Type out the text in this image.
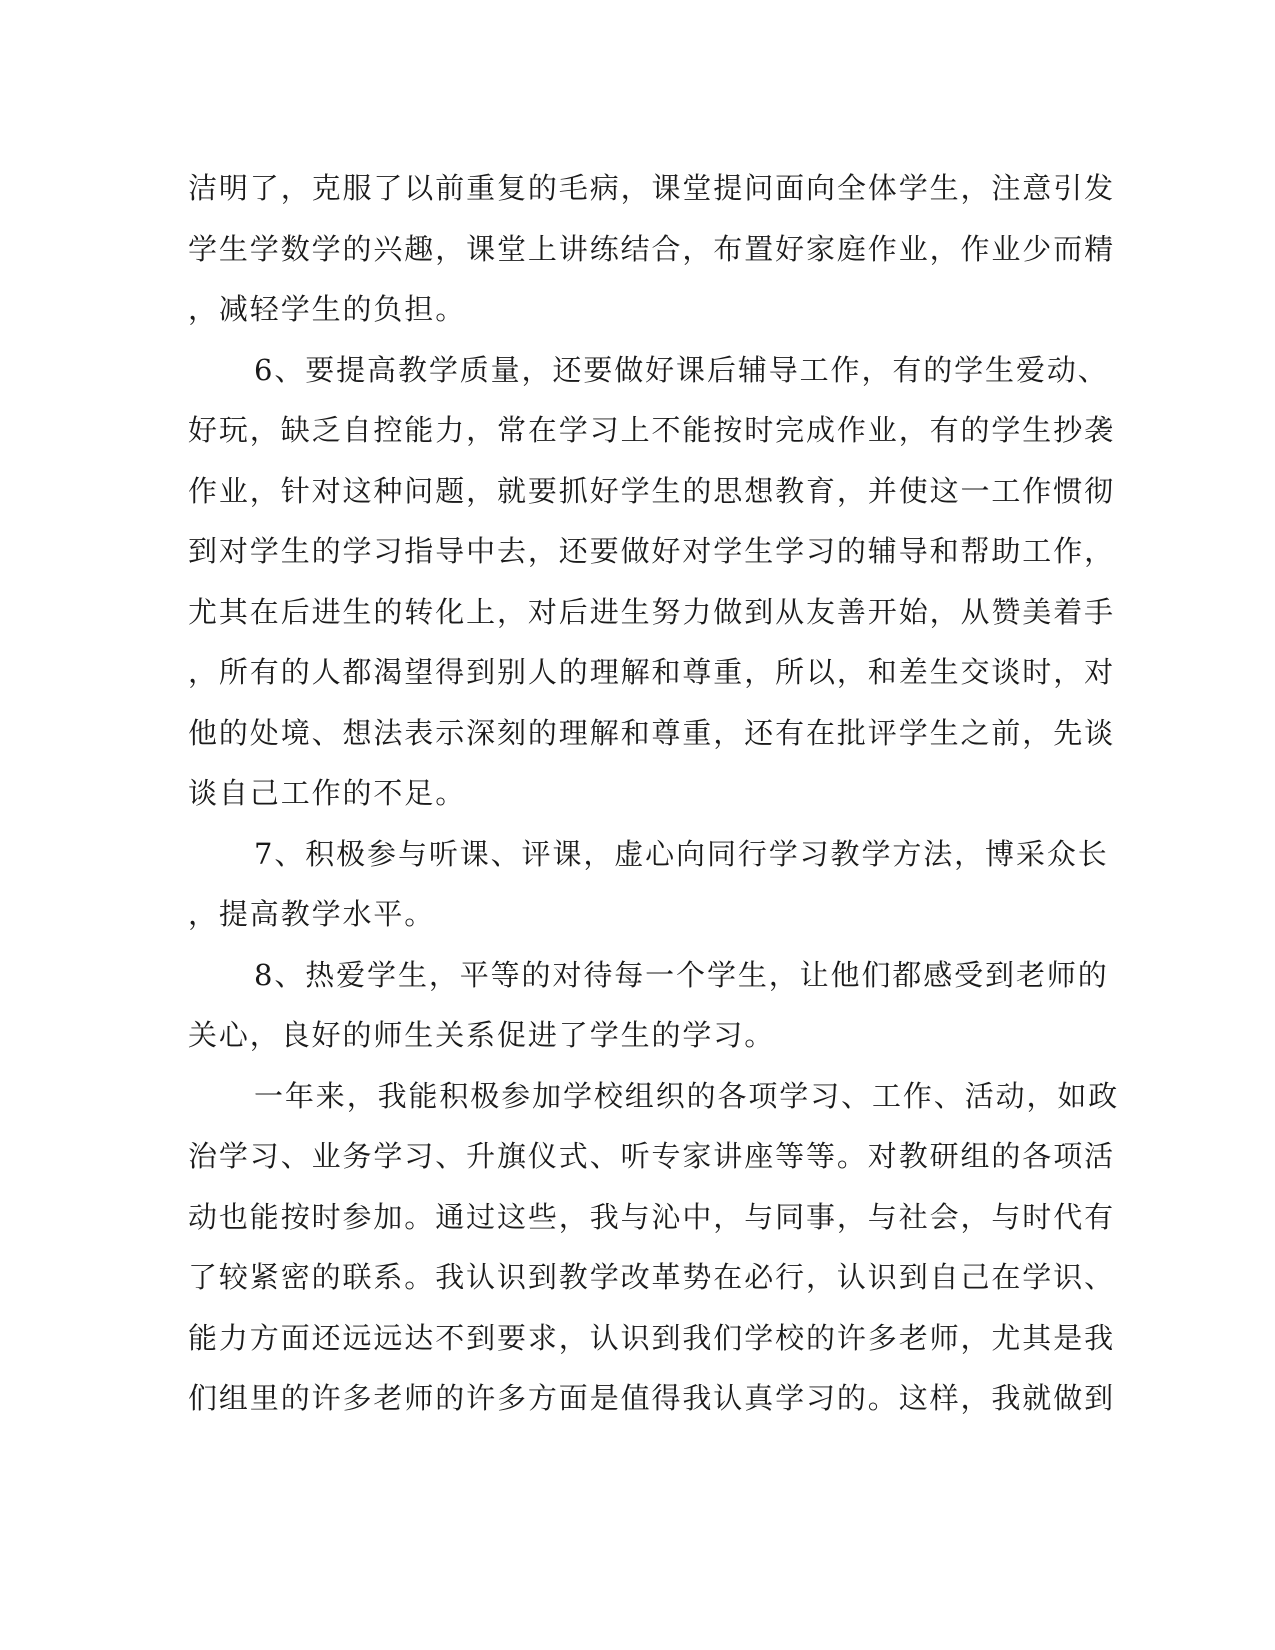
洁明了，克服了以前重复的毛病，课堂提问面向全体学生，注意引发
学生学数学的兴趣，课堂上讲练结合，布置好家庭作业，作业少而精
，减轻学生的负担。
6、要提高教学质量，还要做好课后辅导工作，有的学生爱动、
好玩，缺乏自控能力，常在学习上不能按时完成作业，有的学生抄袭
作业，针对这种问题，就要抓好学生的思想教育，并使这一工作惯彻
到对学生的学习指导中去，还要做好对学生学习的辅导和帮助工作，
尤其在后进生的转化上，对后进生努力做到从友善开始，从赞美着手
，所有的人都渴望得到别人的理解和尊重，所以，和差生交谈时，对
他的处境、想法表示深刻的理解和尊重，还有在批评学生之前，先谈
谈自己工作的不足。
7、积极参与听课、评课，虚心向同行学习教学方法，博采众长
，提高教学水平。
8、热爱学生，平等的对待每一个学生，让他们都感受到老师的
关心，良好的师生关系促进了学生的学习。
一年来，我能积极参加学校组织的各项学习、工作、活动，如政
治学习、业务学习、升旗仪式、听专家讲座等等。对教研组的各项活
动也能按时参加。通过这些，我与沁中，与同事，与社会，与时代有
了较紧密的联系。我认识到教学改革势在必行，认识到自己在学识、
能力方面还远远达不到要求，认识到我们学校的许多老师，尤其是我
们组里的许多老师的许多方面是值得我认真学习的。这样，我就做到
